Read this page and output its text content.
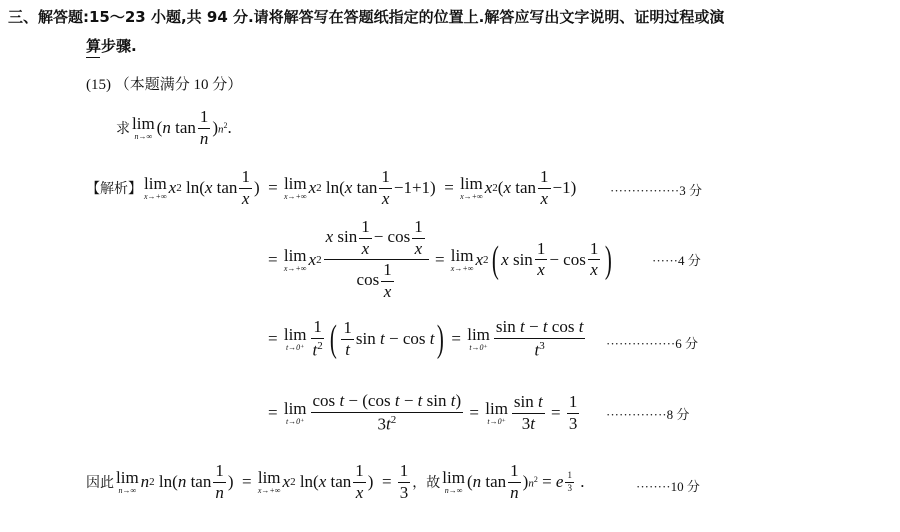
三、解答题:15〜23 小题,共 94 分.请将解答写在答题纸指定的位置上.解答应写出文字说明、证明过程或演
算步骤.
(15) （本题满分 10 分）
求 lim
n→∞ ( n $\tan \frac{1}{n}$ ) $n^2$ .
【解析】 lim
x→+∞ x 2 ln( x $\tan \frac{1}{x}$ )  = lim
x→+∞ x 2 ln( x $\tan \frac{1}{x} -1+1) = \lim$
x→+∞ x 2 ( x $\tan \frac{1}{x} -1$)	················3 分
= lim
x→+∞ x $2 \frac{x \sin \frac{1}{x} - \cos \frac{1}{x}}{\cos \frac{1}{x}} = \lim$
x→+∞ x 2 ( x $\sin \frac{1}{x} - \cos \frac{1}{x}$ )	······4 分
= lim
$t\to 0^+ \frac{1}{t^2}$ ( $\frac{1}{t}$ sin t − cos t ) = lim
$t\to 0^+ \frac{\text{sin t − t cos t}}{t^3} \cdot\cdot\cdot\cdot\cdot\cdot\cdot\cdot\cdot\cdot\cdot\cdot\cdot\cdot\cdot\cdot 6$ 分
= lim
$t\to 0^+ \frac{\text{cos t − (cos t − t sin t)}}{3t^2} = \lim$
$t\to 0^+ \frac{\text{sin t}}{3t} = \frac{1}{3} \cdot\cdot\cdot\cdot\cdot\cdot\cdot\cdot\cdot\cdot\cdot\cdot\cdot\cdot 8$ 分
因此 lim
n→∞ n 2 ln( n $\tan \frac{1}{n}$ )  = lim
x→+∞ x 2 ln( x $\tan \frac{1}{x}$ )  = $\frac{1}{3}$ ，故 lim
n→∞ ( n $\tan \frac{1}{n}$ ) $n^2 = e \frac{1}{3}$ .	········10 分
